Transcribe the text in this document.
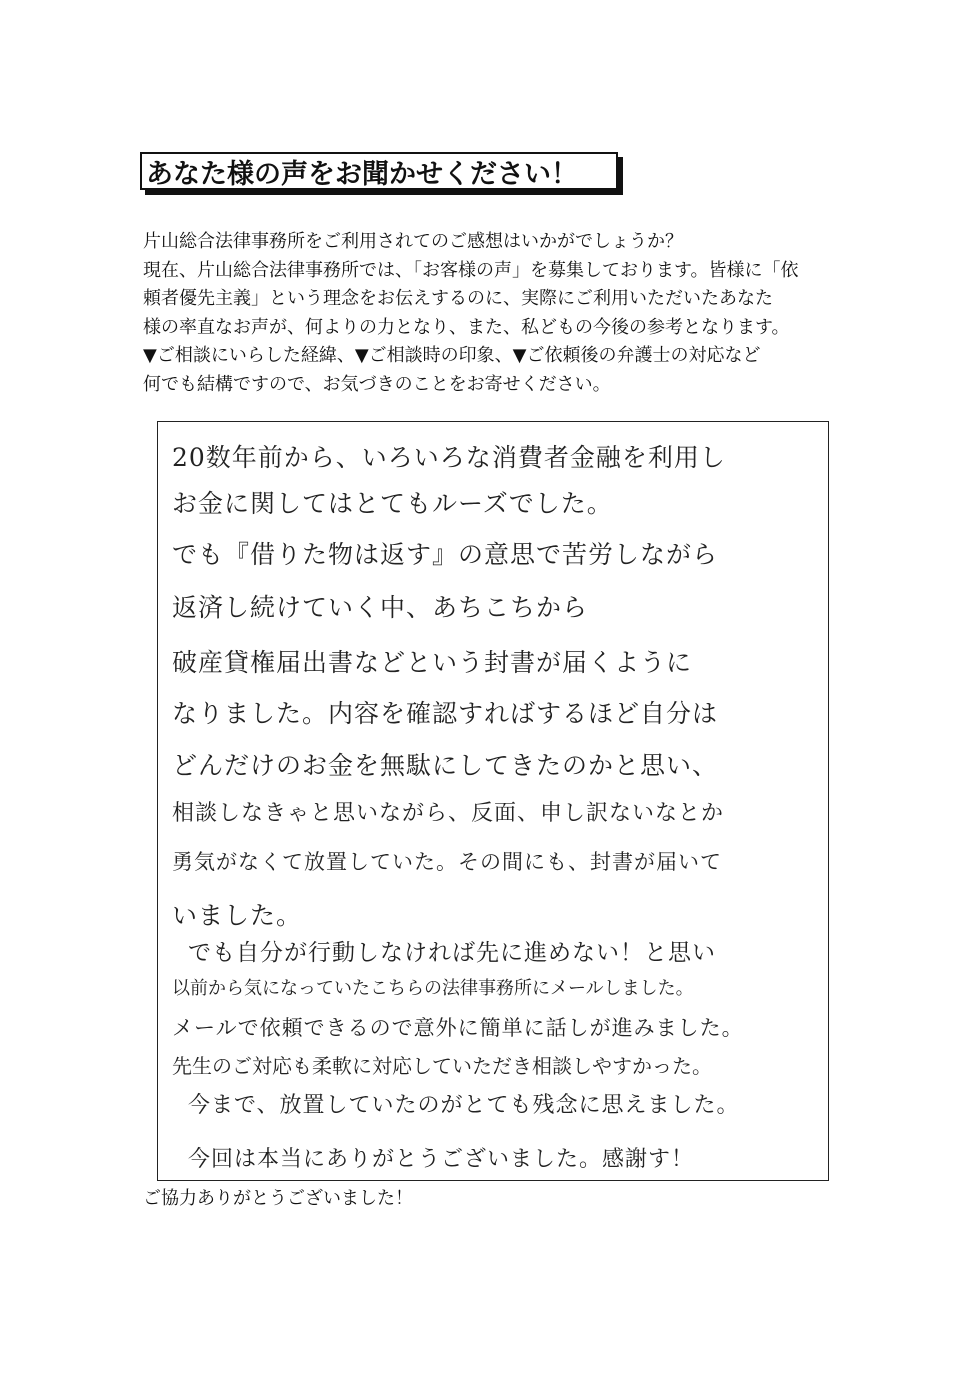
あなた様の声をお聞かせください！
片山総合法律事務所をご利用されてのご感想はいかがでしょうか？
現在、片山総合法律事務所では、「お客様の声」を募集しております。皆様に「依
頼者優先主義」という理念をお伝えするのに、実際にご利用いただいたあなた
様の率直なお声が、何よりの力となり、また、私どもの今後の参考となります。
▼ご相談にいらした経緯、▼ご相談時の印象、▼ご依頼後の弁護士の対応など
何でも結構ですので、お気づきのことをお寄せください。
20数年前から、いろいろな消費者金融を利用し
お金に関してはとてもルーズでした。
でも『借りた物は返す』の意思で苦労しながら
返済し続けていく中、あちこちから
破産貸権届出書などという封書が届くように
なりました。内容を確認すればするほど自分は
どんだけのお金を無駄にしてきたのかと思い、
相談しなきゃと思いながら、反面、申し訳ないなとか
勇気がなくて放置していた。その間にも、封書が届いて
いました。
でも自分が行動しなければ先に進めない！と思い
以前から気になっていたこちらの法律事務所にメールしました。
メールで依頼できるので意外に簡単に話しが進みました。
先生のご対応も柔軟に対応していただき相談しやすかった。
今まで、放置していたのがとても残念に思えました。
今回は本当にありがとうございました。感謝す！
ご協力ありがとうございました！
